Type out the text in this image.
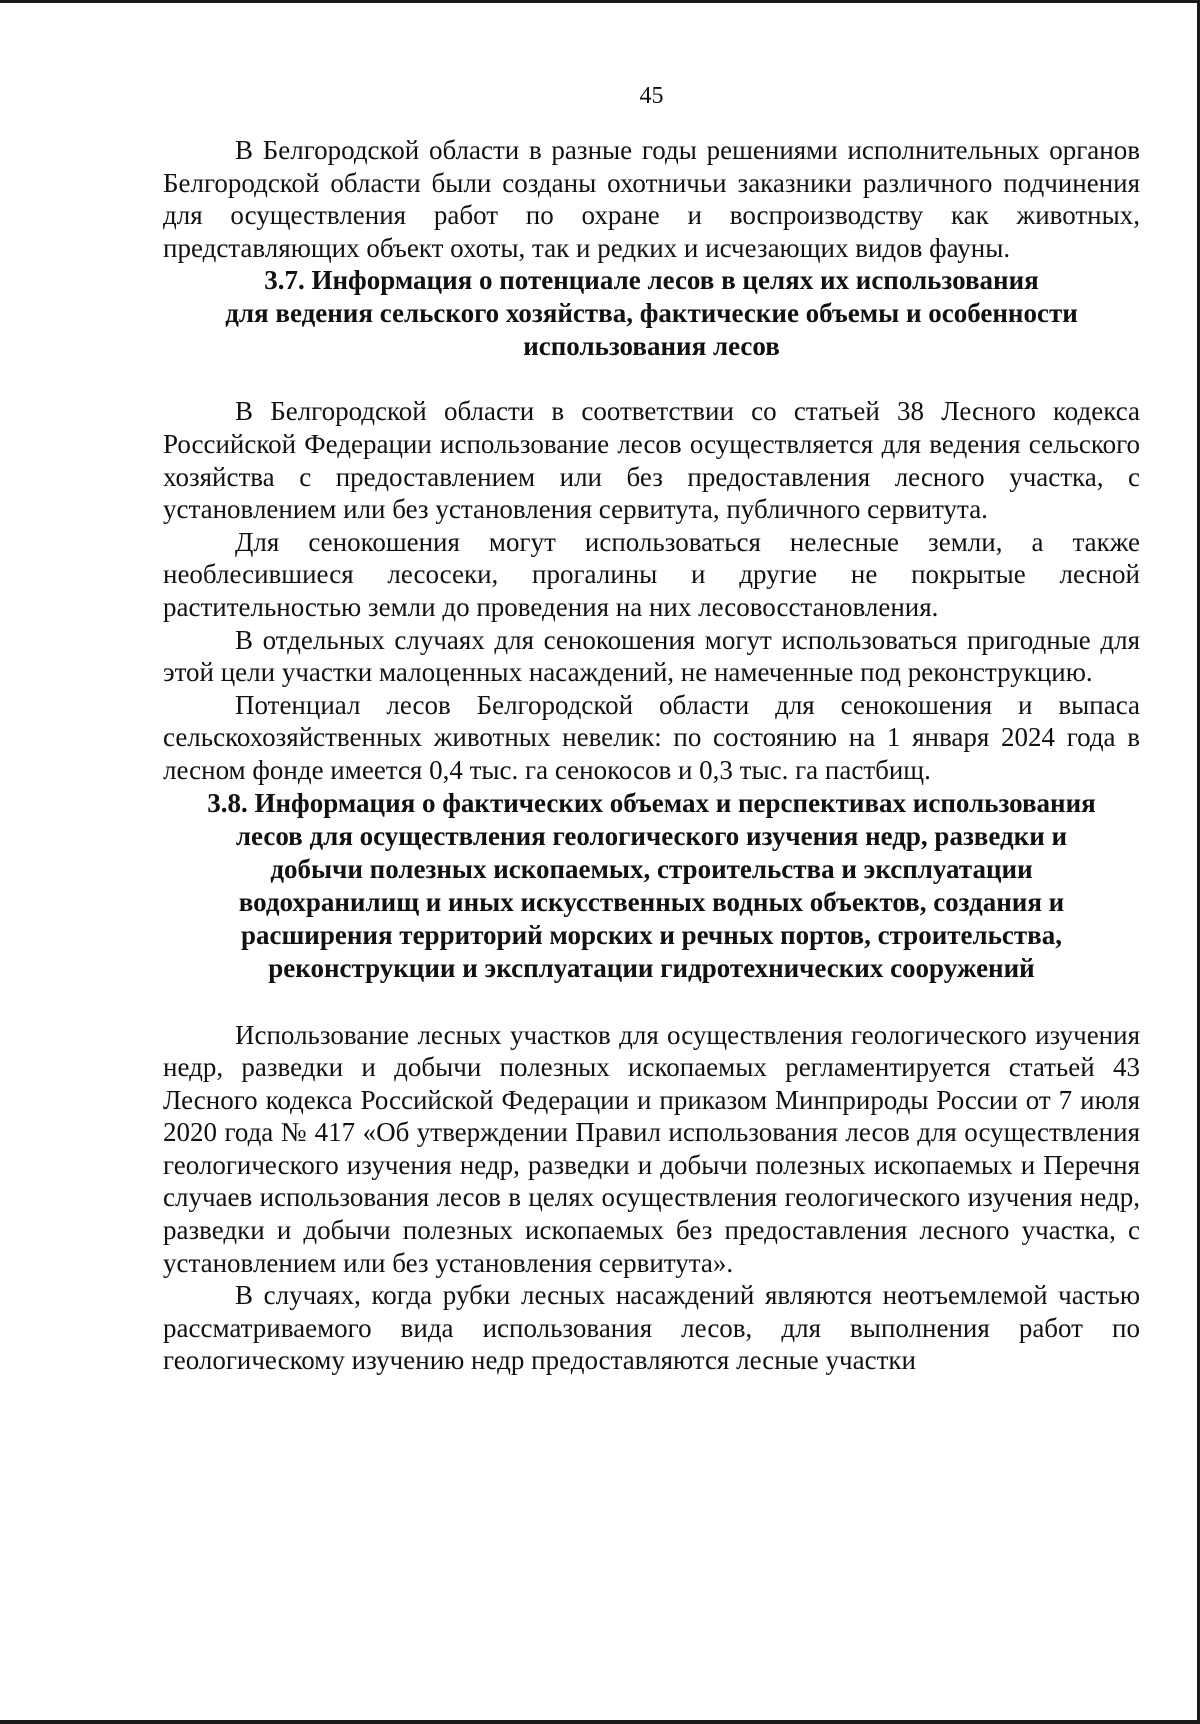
45

В Белгородской области в разные годы решениями исполнительных органов Белгородской области были созданы охотничьи заказники различного подчинения для осуществления работ по охране и воспроизводству как животных, представляющих объект охоты, так и редких и исчезающих видов фауны.

3.7. Информация о потенциале лесов в целях их использования
для ведения сельского хозяйства, фактические объемы и особенности
использования лесов

В Белгородской области в соответствии со статьей 38 Лесного кодекса Российской Федерации использование лесов осуществляется для ведения сельского хозяйства с предоставлением или без предоставления лесного участка, с установлением или без установления сервитута, публичного сервитута.

Для сенокошения могут использоваться нелесные земли, а также необлесившиеся лесосеки, прогалины и другие не покрытые лесной растительностью земли до проведения на них лесовосстановления.

В отдельных случаях для сенокошения могут использоваться пригодные для этой цели участки малоценных насаждений, не намеченные под реконструкцию.

Потенциал лесов Белгородской области для сенокошения и выпаса сельскохозяйственных животных невелик: по состоянию на 1 января 2024 года в лесном фонде имеется 0,4 тыс. га сенокосов и 0,3 тыс. га пастбищ.

3.8. Информация о фактических объемах и перспективах использования
лесов для осуществления геологического изучения недр, разведки и
добычи полезных ископаемых, строительства и эксплуатации
водохранилищ и иных искусственных водных объектов, создания и
расширения территорий морских и речных портов, строительства,
реконструкции и эксплуатации гидротехнических сооружений

Использование лесных участков для осуществления геологического изучения недр, разведки и добычи полезных ископаемых регламентируется статьей 43 Лесного кодекса Российской Федерации и приказом Минприроды России от 7 июля 2020 года № 417 «Об утверждении Правил использования лесов для осуществления геологического изучения недр, разведки и добычи полезных ископаемых и Перечня случаев использования лесов в целях осуществления геологического изучения недр, разведки и добычи полезных ископаемых без предоставления лесного участка, с установлением или без установления сервитута».

В случаях, когда рубки лесных насаждений являются неотъемлемой частью рассматриваемого вида использования лесов, для выполнения работ по геологическому изучению недр предоставляются лесные участки
